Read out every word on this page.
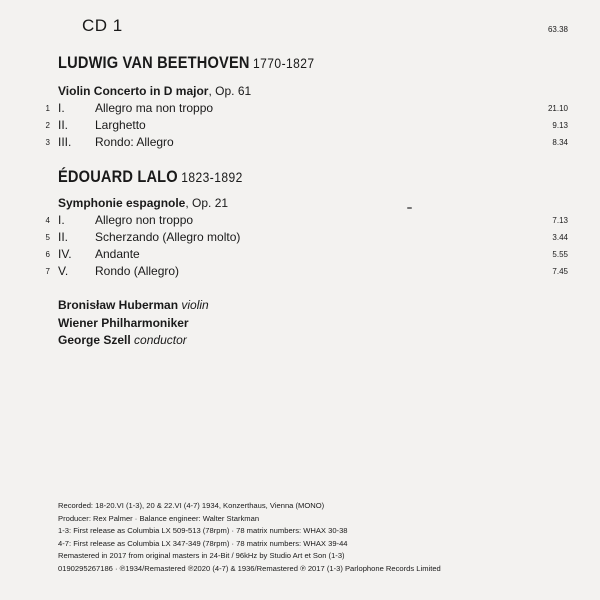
CD 1	63.38
LUDWIG VAN BEETHOVEN 1770-1827
Violin Concerto in D major, Op. 61
1 I.	Allegro ma non troppo	21.10
2 II. Larghetto	9.13
3 III. Rondo: Allegro	8.34
ÉDOUARD LALO 1823-1892
Symphonie espagnole, Op. 21
4 I.	Allegro non troppo	7.13
5 II. Scherzando (Allegro molto)	3.44
6 IV. Andante	5.55
7 V. Rondo (Allegro)	7.45
Bronisław Huberman violin
Wiener Philharmoniker
George Szell conductor
Recorded: 18-20.VI (1-3), 20 & 22.VI (4-7) 1934, Konzerthaus, Vienna (MONO)
Producer: Rex Palmer · Balance engineer: Walter Starkman
1-3: First release as Columbia LX 509-513 (78rpm) · 78 matrix numbers: WHAX 30-38
4-7: First release as Columbia LX 347-349 (78rpm) · 78 matrix numbers: WHAX 39-44
Remastered in 2017 from original masters in 24-Bit / 96kHz by Studio Art et Son (1-3)
0190295267186 · ℗1934/Remastered ℗2020 (4-7) & 1936/Remastered ℗ 2017 (1-3) Parlophone Records Limited
